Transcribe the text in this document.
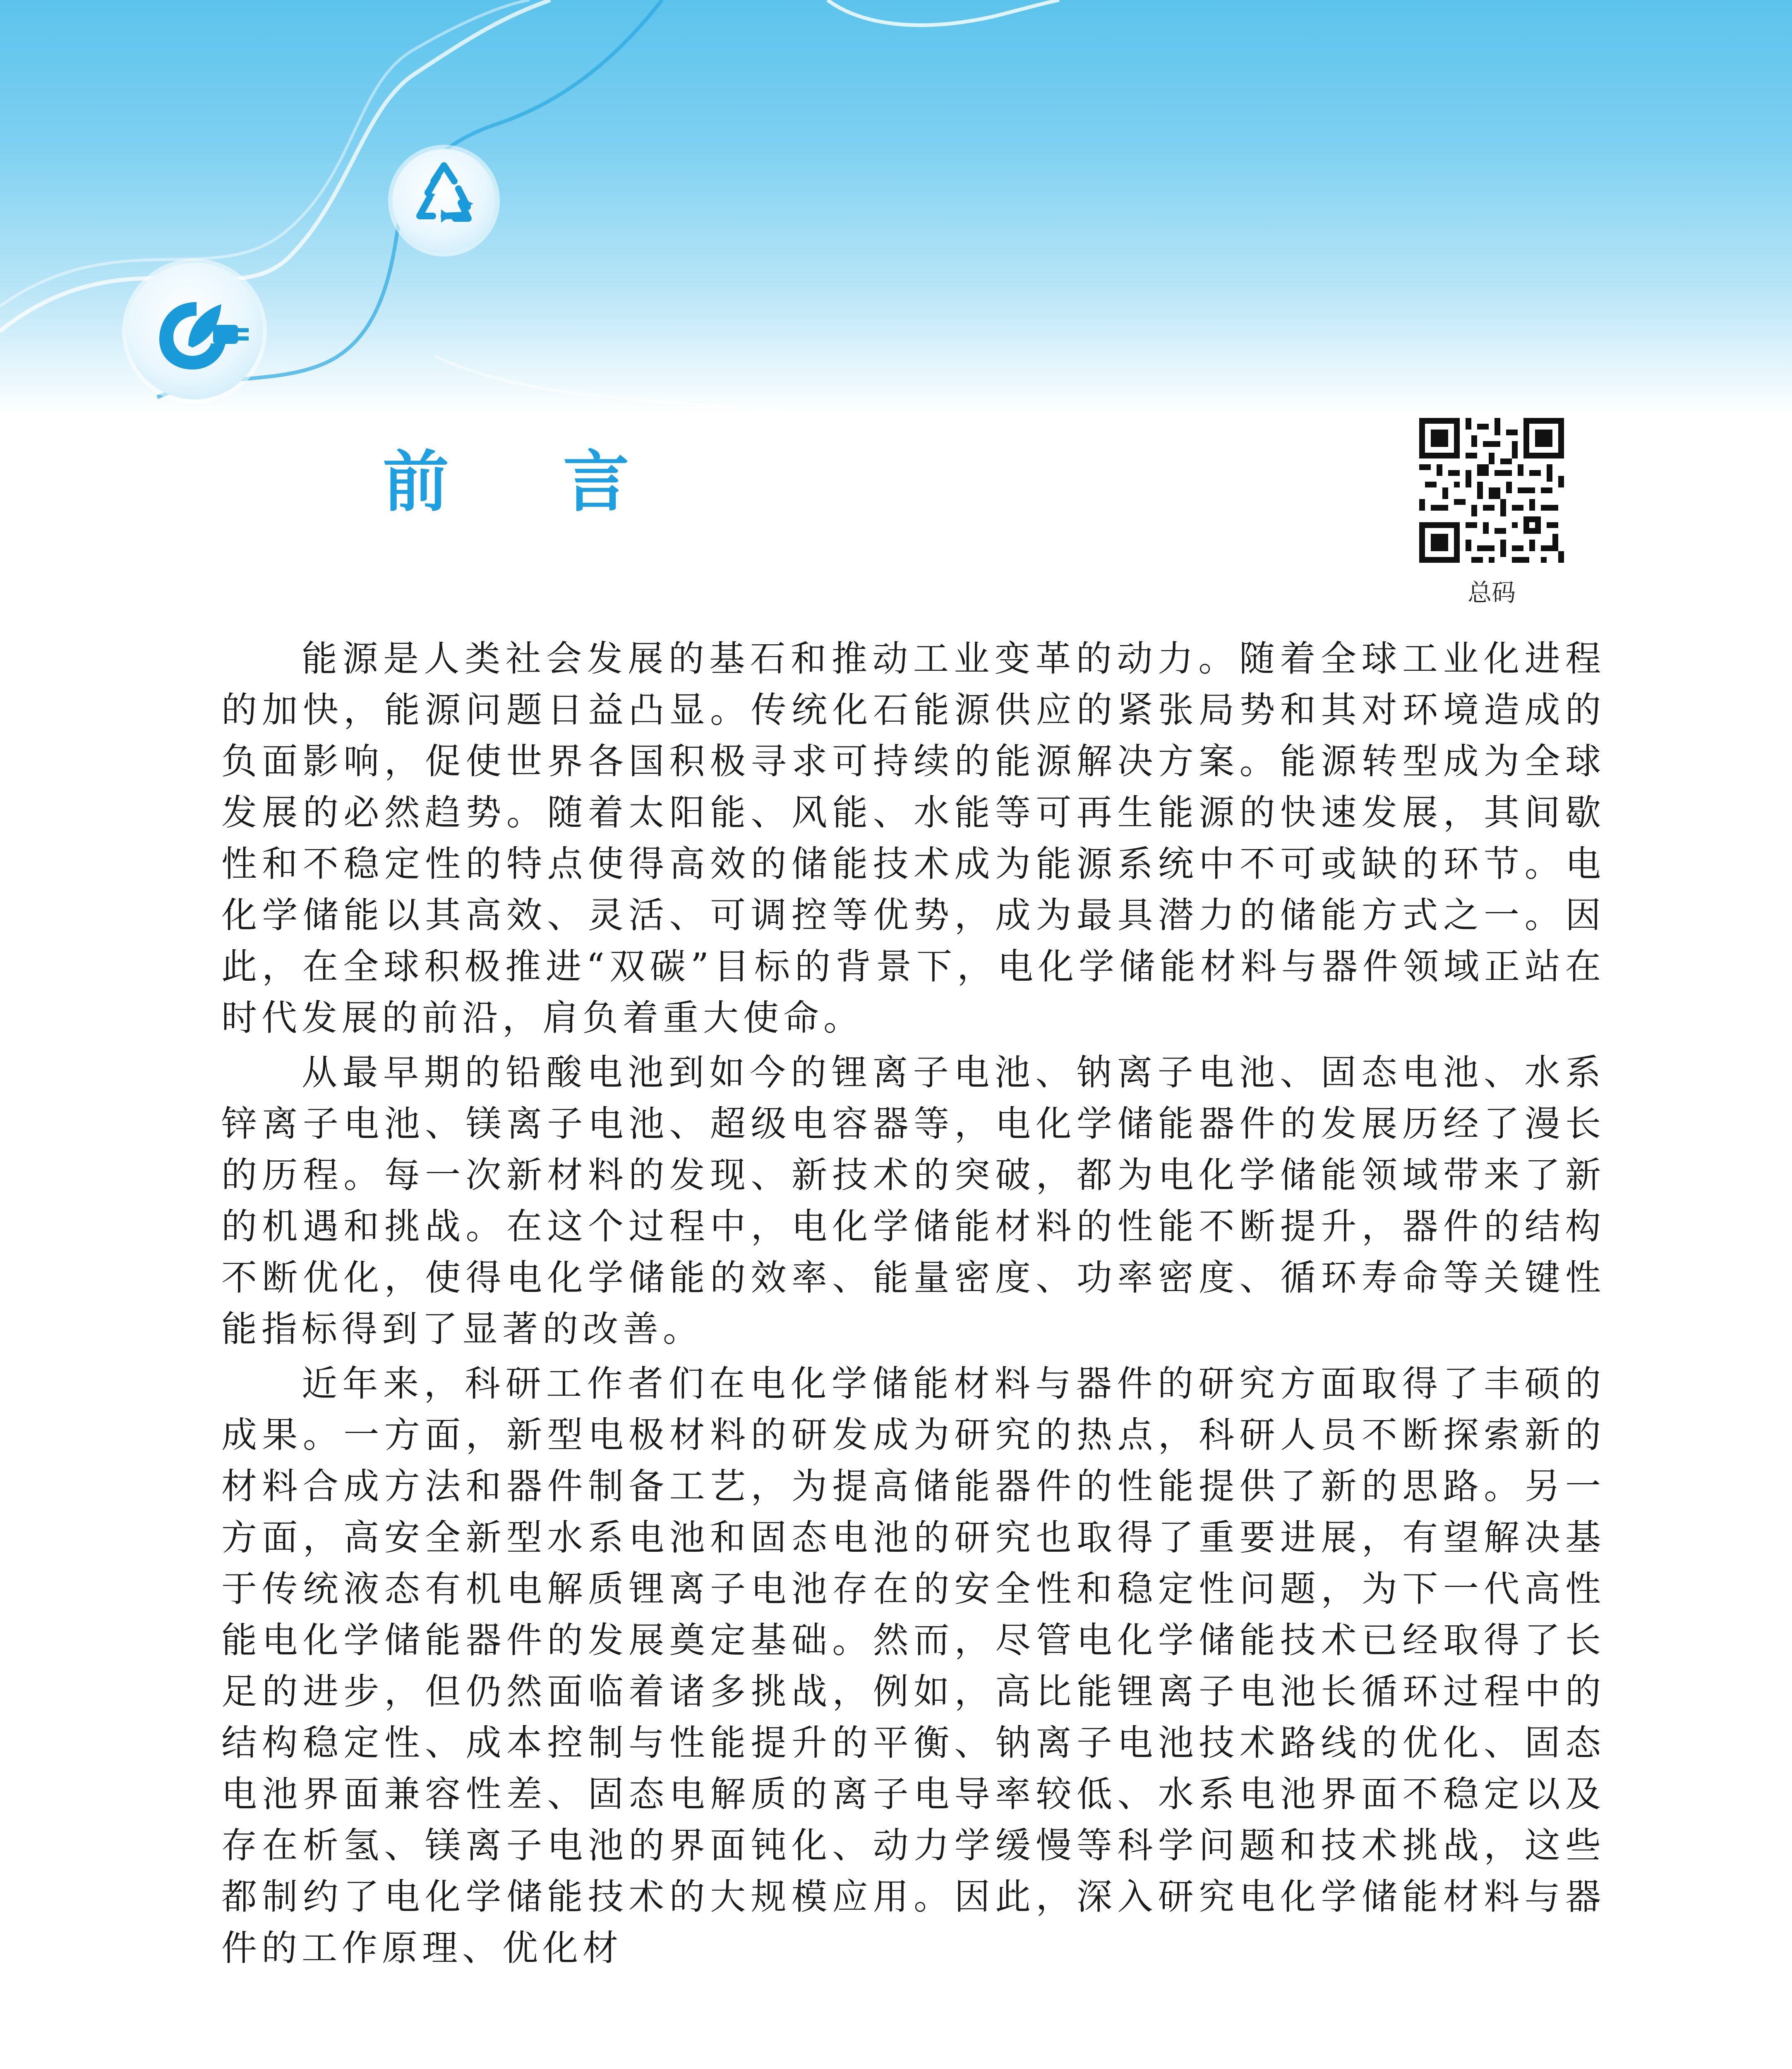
前 言
总码

能源是人类社会发展的基石和推动工业变革的动力。随着全球工业化进程的加快，能源问题日益凸显。传统化石能源供应的紧张局势和其对环境造成的负面影响，促使世界各国积极寻求可持续的能源解决方案。能源转型成为全球发展的必然趋势。随着太阳能、风能、水能等可再生能源的快速发展，其间歇性和不稳定性的特点使得高效的储能技术成为能源系统中不可或缺的环节。电化学储能以其高效、灵活、可调控等优势，成为最具潜力的储能方式之一。因此，在全球积极推进“双碳”目标的背景下，电化学储能材料与器件领域正站在时代发展的前沿，肩负着重大使命。

从最早期的铅酸电池到如今的锂离子电池、钠离子电池、固态电池、水系锌离子电池、镁离子电池、超级电容器等，电化学储能器件的发展历经了漫长的历程。每一次新材料的发现、新技术的突破，都为电化学储能领域带来了新的机遇和挑战。在这个过程中，电化学储能材料的性能不断提升，器件的结构不断优化，使得电化学储能的效率、能量密度、功率密度、循环寿命等关键性能指标得到了显著的改善。

近年来，科研工作者们在电化学储能材料与器件的研究方面取得了丰硕的成果。一方面，新型电极材料的研发成为研究的热点，科研人员不断探索新的材料合成方法和器件制备工艺，为提高储能器件的性能提供了新的思路。另一方面，高安全新型水系电池和固态电池的研究也取得了重要进展，有望解决基于传统液态有机电解质锂离子电池存在的安全性和稳定性问题，为下一代高性能电化学储能器件的发展奠定基础。然而，尽管电化学储能技术已经取得了长足的进步，但仍然面临着诸多挑战，例如，高比能锂离子电池长循环过程中的结构稳定性、成本控制与性能提升的平衡、钠离子电池技术路线的优化、固态电池界面兼容性差、固态电解质的离子电导率较低、水系电池界面不稳定以及存在析氢、镁离子电池的界面钝化、动力学缓慢等科学问题和技术挑战，这些都制约了电化学储能技术的大规模应用。因此，深入研究电化学储能材料与器件的工作原理、优化材
